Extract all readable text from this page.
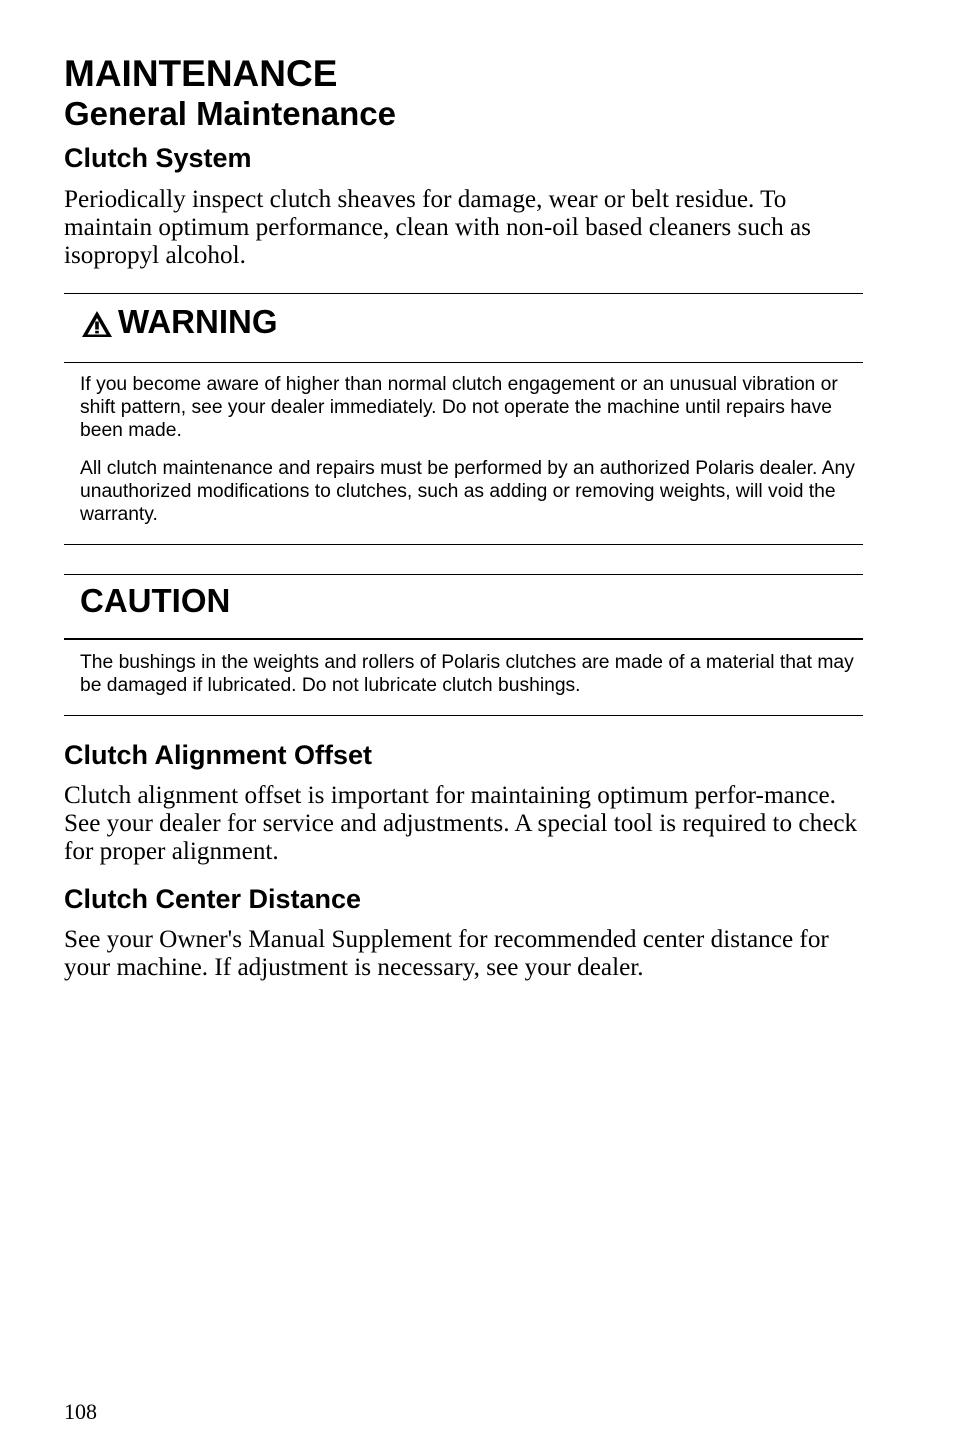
MAINTENANCE
General Maintenance
Clutch System

Periodically inspect clutch sheaves for damage, wear or belt residue. To maintain optimum performance, clean with non-oil based cleaners such as isopropyl alcohol.

WARNING

If you become aware of higher than normal clutch engagement or an unusual vibration or shift pattern, see your dealer immediately. Do not operate the machine until repairs have been made.

All clutch maintenance and repairs must be performed by an authorized Polaris dealer. Any unauthorized modifications to clutches, such as adding or removing weights, will void the warranty.

CAUTION

The bushings in the weights and rollers of Polaris clutches are made of a material that may be damaged if lubricated. Do not lubricate clutch bushings.

Clutch Alignment Offset

Clutch alignment offset is important for maintaining optimum perfor-mance. See your dealer for service and adjustments. A special tool is required to check for proper alignment.

Clutch Center Distance

See your Owner's Manual Supplement for recommended center distance for your machine. If adjustment is necessary, see your dealer.

108
